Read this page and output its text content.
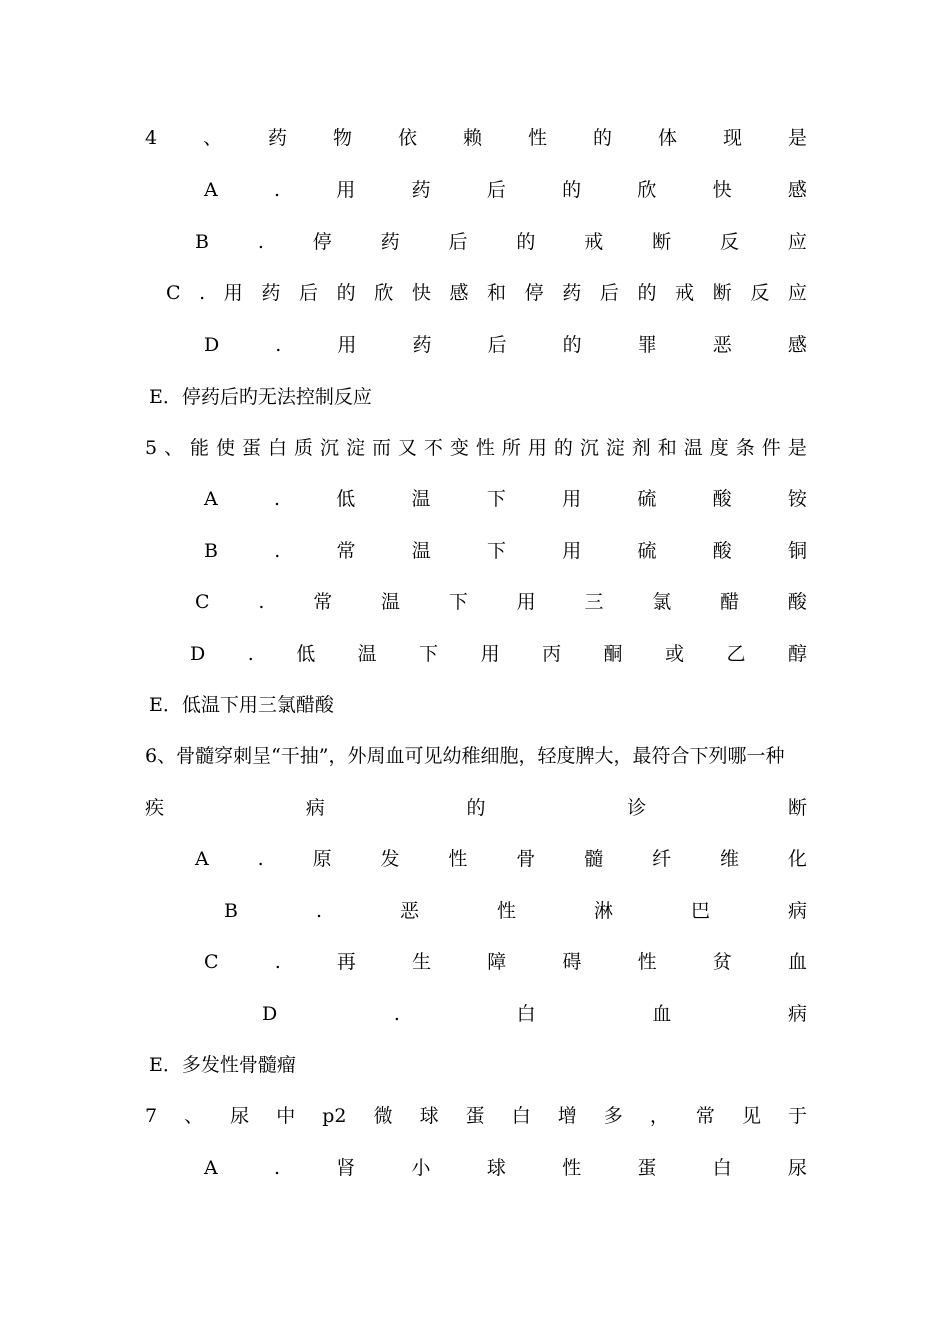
4 、 药 物 依 赖 性 的 体 现 是
A	.	用	药	后	的	欣	快	感
B	.	停	药	后	的	戒	断	反	应
C . 用 药 后 的 欣 快 感 和 停 药 后 的 戒 断 反 应
D	.	用	药	后	的	罪	恶	感
E．停药后旳无法控制反应
5 、 能 使 蛋 白 质 沉 淀 而 又 不 变 性 所 用 的 沉 淀 剂 和 温 度 条 件 是
A	.	低	温	下	用	硫	酸	铵
B	.	常	温	下	用	硫	酸	铜
C	.	常	温	下	用	三	氯	醋	酸
D . 低 温 下 用 丙 酮 或 乙 醇
E．低温下用三氯醋酸
6、骨髓穿刺呈“干抽”，外周血可见幼稚细胞，轻度脾大，最符合下列哪一种
疾	病	的	诊	断
A	.	原	发	性	骨	髓	纤	维	化
B	.	恶	性	淋	巴	病
C	.	再	生	障	碍	性	贫	血
D	.	白	血	病
E．多发性骨髓瘤
7 、 尿 中 p2 微 球 蛋 白 增 多 ， 常 见 于
A	.	肾	小	球	性	蛋	白	尿
